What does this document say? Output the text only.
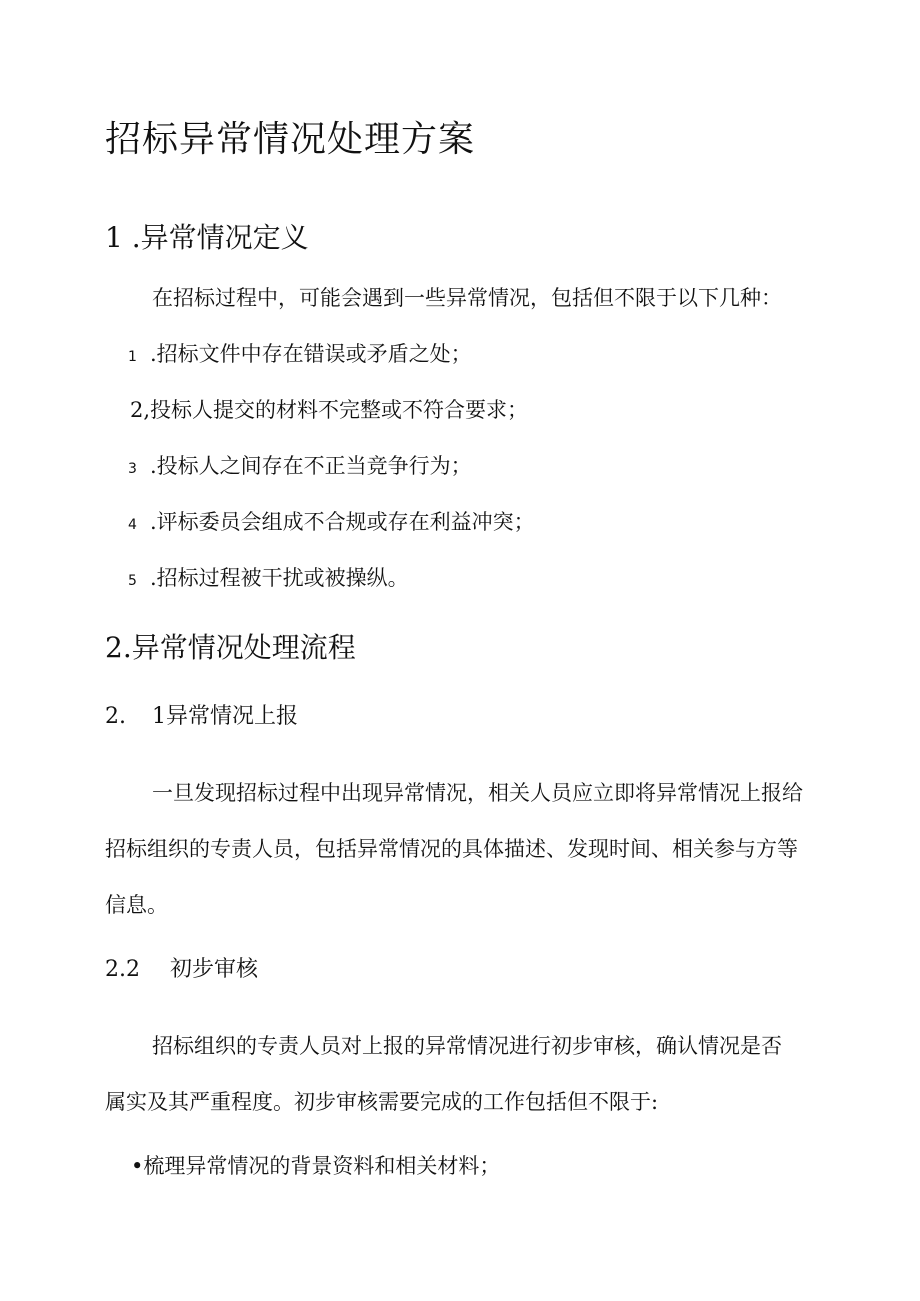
招标异常情况处理方案
1 .异常情况定义
在招标过程中，可能会遇到一些异常情况，包括但不限于以下几种：
1 .招标文件中存在错误或矛盾之处；
2,投标人提交的材料不完整或不符合要求；
3 .投标人之间存在不正当竞争行为；
4 .评标委员会组成不合规或存在利益冲突；
5 .招标过程被干扰或被操纵。
2.异常情况处理流程
2. 1异常情况上报
一旦发现招标过程中出现异常情况，相关人员应立即将异常情况上报给
招标组织的专责人员，包括异常情况的具体描述、发现时间、相关参与方等
信息。
2.2 初步审核
招标组织的专责人员对上报的异常情况进行初步审核，确认情况是否
属实及其严重程度。初步审核需要完成的工作包括但不限于:
•梳理异常情况的背景资料和相关材料；
